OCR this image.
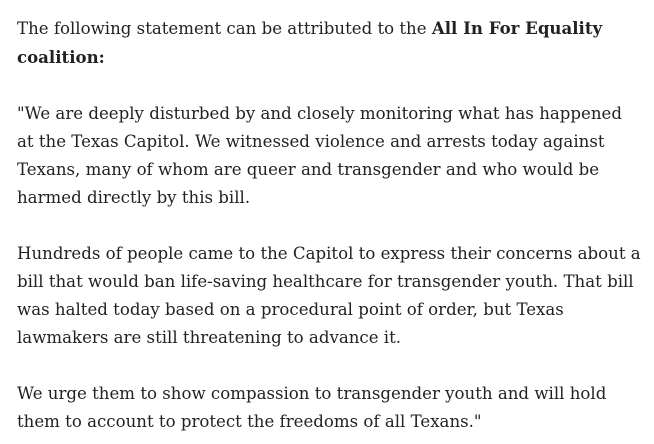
The following statement can be attributed to the All In For Equality coalition:

"We are deeply disturbed by and closely monitoring what has happened at the Texas Capitol. We witnessed violence and arrests today against Texans, many of whom are queer and transgender and who would be harmed directly by this bill.

Hundreds of people came to the Capitol to express their concerns about a bill that would ban life-saving healthcare for transgender youth. That bill was halted today based on a procedural point of order, but Texas lawmakers are still threatening to advance it.

We urge them to show compassion to transgender youth and will hold them to account to protect the freedoms of all Texans."
